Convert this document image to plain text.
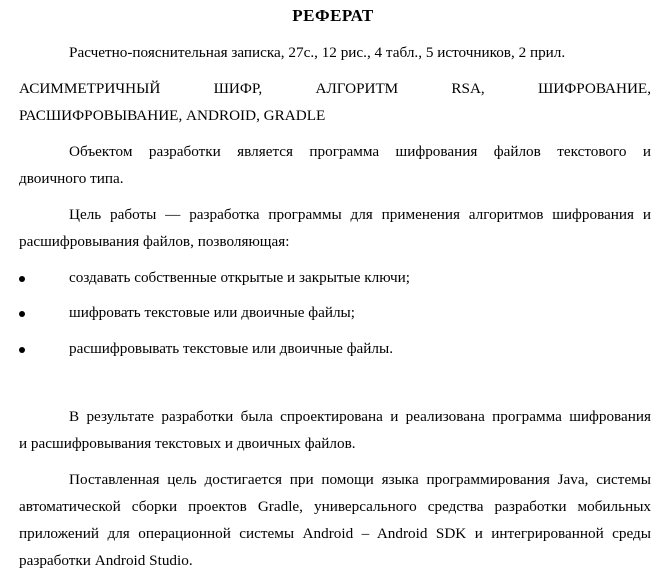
РЕФЕРАТ
Расчетно-пояснительная записка, 27с., 12 рис., 4 табл., 5 источников, 2 прил.
АСИММЕТРИЧНЫЙ ШИФР, АЛГОРИТМ RSA, ШИФРОВАНИЕ,
РАСШИФРОВЫВАНИЕ, ANDROID, GRADLE
Объектом разработки является программа шифрования файлов текстового и
двоичного типа.
Цель работы — разработка программы для применения алгоритмов шифрования и
расшифровывания файлов, позволяющая:
создавать собственные открытые и закрытые ключи;
шифровать текстовые или двоичные файлы;
расшифровывать текстовые или двоичные файлы.
В результате разработки была спроектирована и реализована программа шифрования
и расшифровывания текстовых и двоичных файлов.
Поставленная цель достигается при помощи языка программирования Java, системы
автоматической сборки проектов Gradle, универсального средства разработки мобильных
приложений для операционной системы Android – Android SDK и интегрированной среды
разработки Android Studio.
